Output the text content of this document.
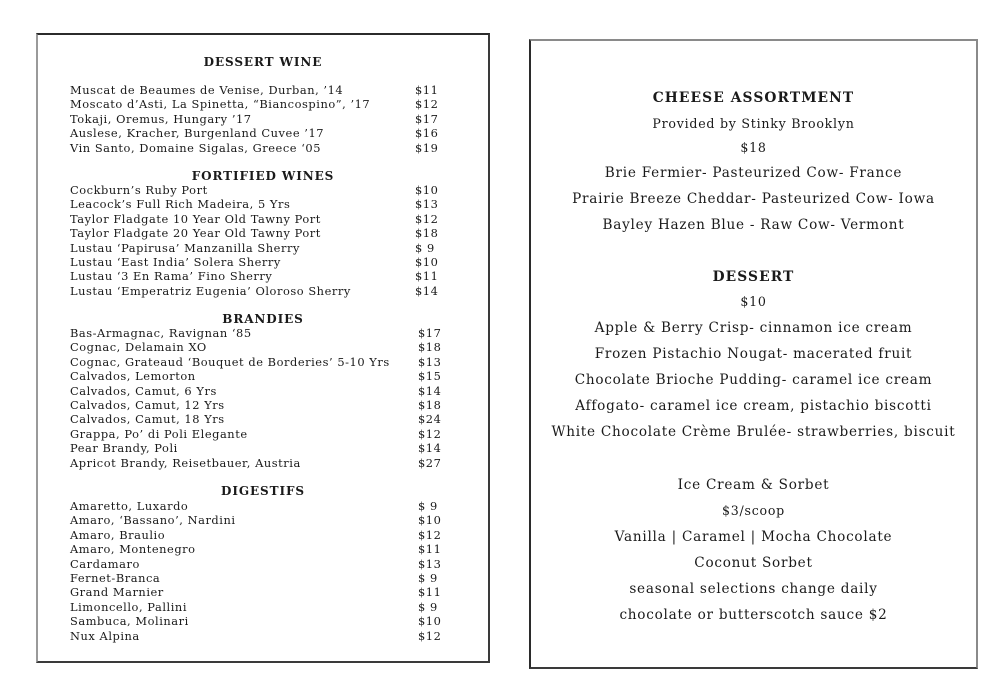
DESSERT WINE
Muscat de Beaumes de Venise, Durban, ’14	$11
Moscato d’Asti, La Spinetta, “Biancospino”, ’17	$12
Tokaji, Oremus, Hungary ’17	$17
Auslese, Kracher, Burgenland Cuvee ’17	$16
Vin Santo, Domaine Sigalas, Greece ‘05	$19
FORTIFIED WINES
Cockburn’s Ruby Port	$10
Leacock’s Full Rich Madeira, 5 Yrs	$13
Taylor Fladgate 10 Year Old Tawny Port	$12
Taylor Fladgate 20 Year Old Tawny Port	$18
Lustau ‘Papirusa’ Manzanilla Sherry	$ 9
Lustau ‘East India’ Solera Sherry	$10
Lustau ‘3 En Rama’ Fino Sherry	$11
Lustau ‘Emperatriz Eugenia’ Oloroso Sherry	$14
BRANDIES
Bas-Armagnac, Ravignan ‘85	$17
Cognac, Delamain XO	$18
Cognac, Grateaud ‘Bouquet de Borderies’ 5-10 Yrs $13
Calvados, Lemorton	$15
Calvados, Camut, 6 Yrs	$14
Calvados, Camut, 12 Yrs	$18
Calvados, Camut, 18 Yrs	$24
Grappa, Po’ di Poli Elegante	$12
Pear Brandy, Poli	$14
Apricot Brandy, Reisetbauer, Austria	$27
DIGESTIFS
Amaretto, Luxardo	$ 9
Amaro, ‘Bassano’, Nardini	$10
Amaro, Braulio	$12
Amaro, Montenegro	$11
Cardamaro	$13
Fernet-Branca	$ 9
Grand Marnier	$11
Limoncello, Pallini	$ 9
Sambuca, Molinari	$10
Nux Alpina	$12
CHEESE ASSORTMENT
Provided by Stinky Brooklyn
$18
Brie Fermier- Pasteurized Cow- France
Prairie Breeze Cheddar- Pasteurized Cow- Iowa
Bayley Hazen Blue - Raw Cow- Vermont
DESSERT
$10
Apple & Berry Crisp- cinnamon ice cream
Frozen Pistachio Nougat- macerated fruit
Chocolate Brioche Pudding- caramel ice cream
Affogato- caramel ice cream, pistachio biscotti
White Chocolate Crème Brulée- strawberries, biscuit
Ice Cream & Sorbet
$3/scoop
Vanilla | Caramel | Mocha Chocolate
Coconut Sorbet
seasonal selections change daily
chocolate or butterscotch sauce $2
